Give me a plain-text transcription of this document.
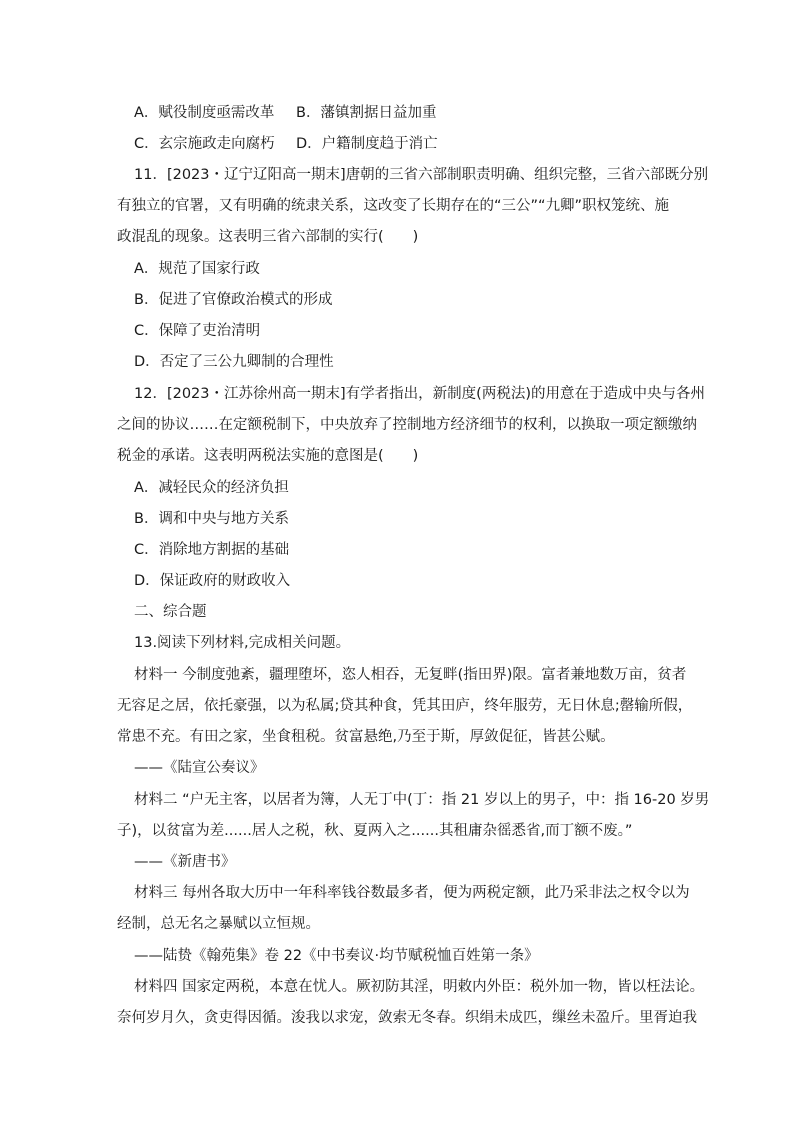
A．赋役制度亟需改革 B．藩镇割据日益加重
C．玄宗施政走向腐朽 D．户籍制度趋于消亡
11．[2023・辽宁辽阳高一期末]唐朝的三省六部制职责明确、组织完整，三省六部既分别
有独立的官署，又有明确的统隶关系，这改变了长期存在的“三公”“九卿”职权笼统、施
政混乱的现象。这表明三省六部制的实行(　　)
A．规范了国家行政
B．促进了官僚政治模式的形成
C．保障了吏治清明
D．否定了三公九卿制的合理性
12．[2023・江苏徐州高一期末]有学者指出，新制度(两税法)的用意在于造成中央与各州
之间的协议……在定额税制下，中央放弃了控制地方经济细节的权利，以换取一项定额缴纳
税金的承诺。这表明两税法实施的意图是(　　)
A．减轻民众的经济负担
B．调和中央与地方关系
C．消除地方割据的基础
D．保证政府的财政收入
二、综合题
13.阅读下列材料,完成相关问题。
材料一 今制度弛紊，疆理堕坏，恣人相吞，无复畔(指田界)限。富者兼地数万亩，贫者
无容足之居，依托豪强，以为私属;贷其种食，凭其田庐，终年服劳，无日休息;罄输所假，
常患不充。有田之家，坐食租税。贫富悬绝,乃至于斯，厚敛促征，皆甚公赋。
——《陆宣公奏议》
材料二 “户无主客，以居者为簿，人无丁中(丁：指 21 岁以上的男子，中：指 16-20 岁男
子)，以贫富为差......居人之税，秋、夏两入之......其租庸杂徭悉省,而丁额不废。”
——《新唐书》
材料三 每州各取大历中一年科率钱谷数最多者，便为两税定额，此乃采非法之权令以为
经制，总无名之暴赋以立恒规。
——陆贽《翰苑集》卷 22《中书奏议·均节赋税恤百姓第一条》
材料四 国家定两税，本意在忧人。厥初防其淫，明敕内外臣：税外加一物，皆以枉法论。
奈何岁月久，贪吏得因循。浚我以求宠，敛索无冬春。织绢未成匹，缫丝未盈斤。里胥迫我
